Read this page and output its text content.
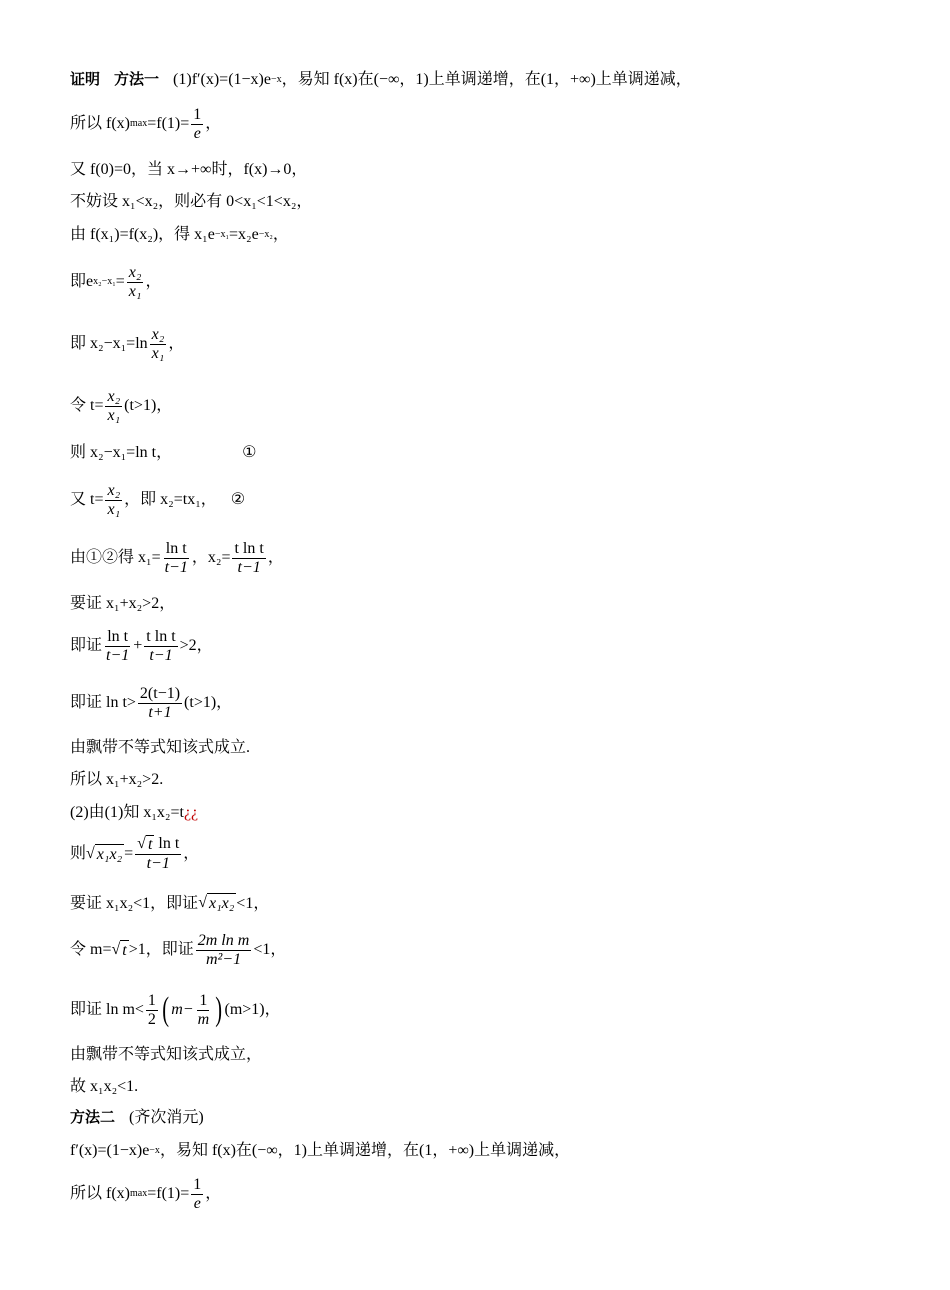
证明 方法一 (1)f′(x)=(1−x)e −x ，易知 f(x)在(−∞，1)上单调递增，在(1，+∞)上单调递减，
所以 f(x) $\max =f(1)= \frac{1}{e}$ ，
又 f(0)=0，当 x→+∞时，f(x)→0，
不妨设 x₁<x₂，则必有 0<x₁<1<x₂，
由 f(x₁)=f(x₂)，得 x₁e −x₁ =x₂e −x₂ ，
即e $x_2-x_1 = \frac{\text{x₂}}{\text{x₁}}$ ，
即 $x_2-x_1=\ln \frac{\text{x₂}}{\text{x₁}}$ ，
令 $t= \frac{\text{x₂}}{\text{x₁}} (t>1)$，
则 x₂−x₁=ln t，	①
又 $t= \frac{\text{x₂}}{\text{x₁}}$ ，即 x₂=tx₁， ②
由①②得 $x_1= \frac{\text{ln t}}{t-1}$ ，$x_2= \frac{\text{t ln t}}{t-1}$ ，
要证 x₁+x₂>2，
即证 $\frac{\text{ln t}}{t-1} + \frac{\text{t ln t}}{t-1} >2$，
即证 $\ln t> \frac{2(t-1)}{t+1} (t>1)$，
由飘带不等式知该式成立.
所以 x₁+x₂>2.
(2)由(1)知 x₁x₂=t ¿¿
则 √ $x_1x_2 = \frac{\text{√ t ln t}}{t-1}$ ，
要证 x₁x₂<1，即证 √ x₁x₂ <1，
令 m= √ t >1，即证 $\frac{\text{2m ln m}}{\text{m²−1}} <1$，
即证 $\ln m< \frac{1}{2}$ ( $m- \frac{1}{m}$ ) (m>1)，
由飘带不等式知该式成立，
故 x₁x₂<1.
方法二 (齐次消元)
f′(x)=(1−x)e −x ，易知 f(x)在(−∞，1)上单调递增，在(1，+∞)上单调递减，
所以 f(x) $\max =f(1)= \frac{1}{e}$ ，
